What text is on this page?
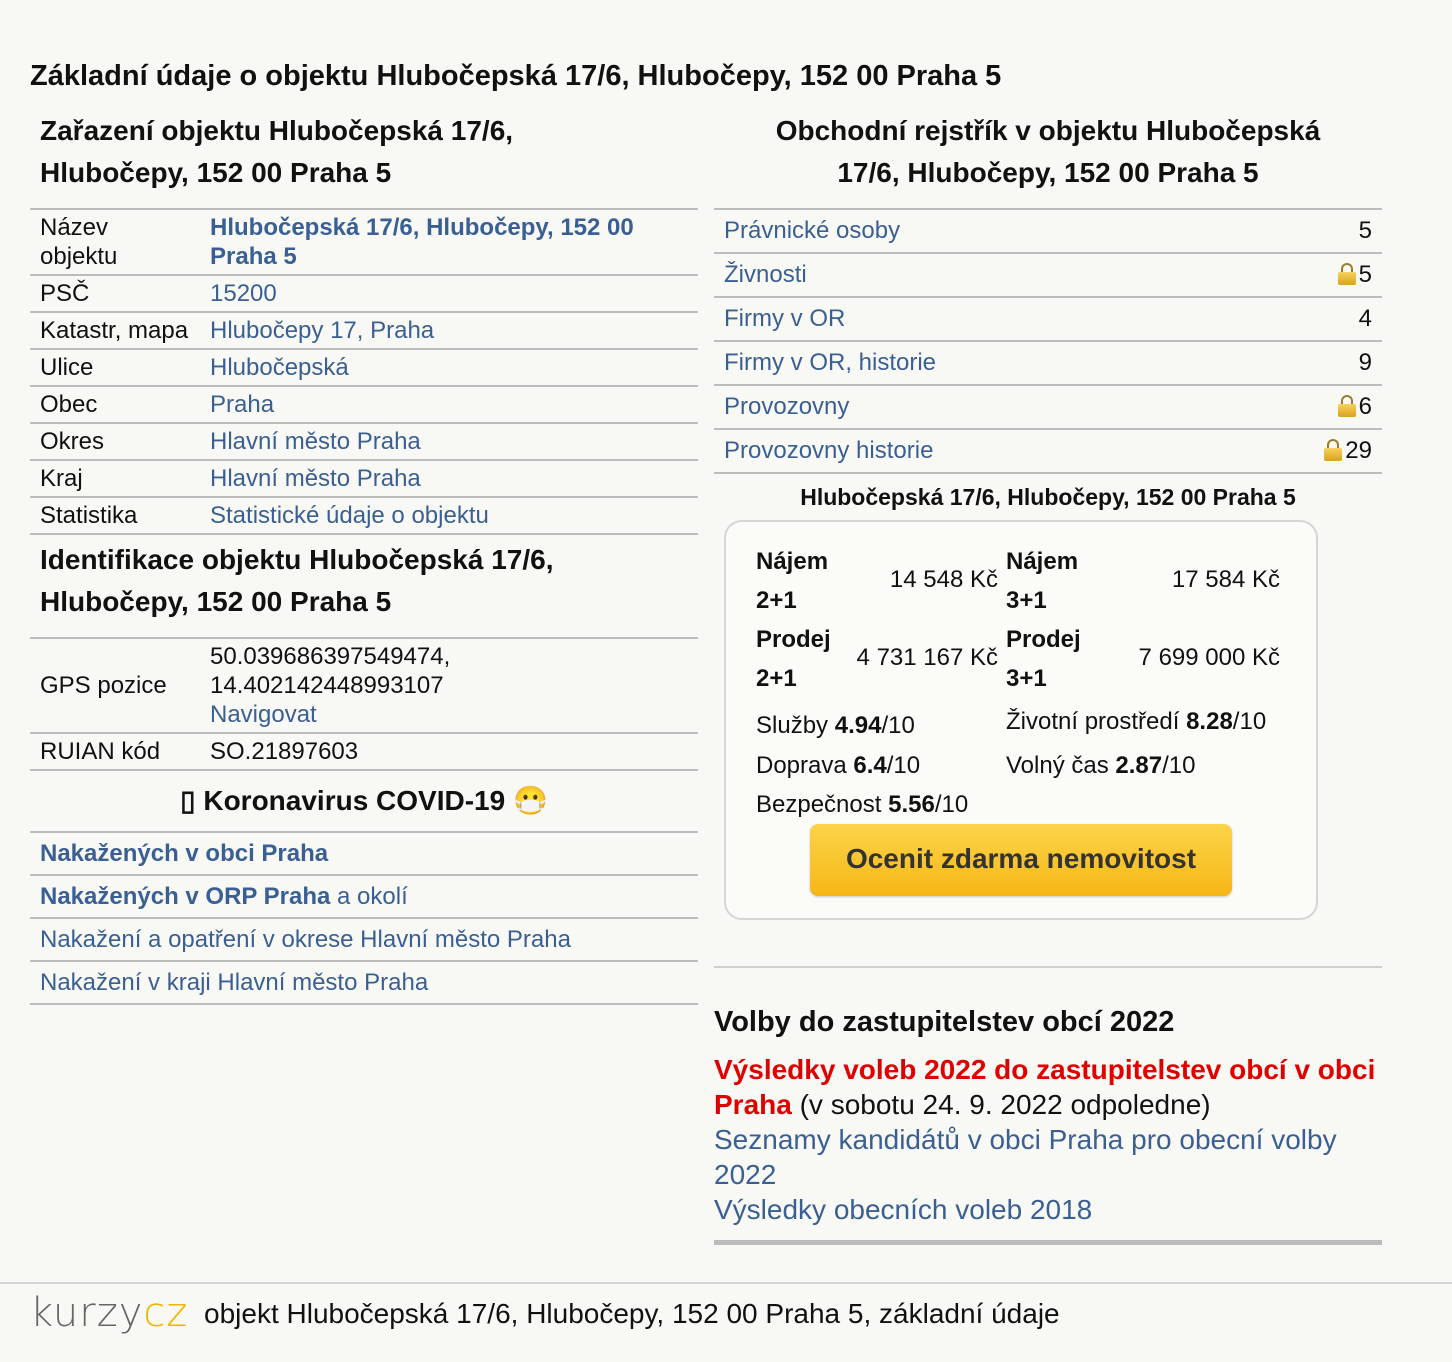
Základní údaje o objektu Hlubočepská 17/6, Hlubočepy, 152 00 Praha 5
Zařazení objektu Hlubočepská 17/6, Hlubočepy, 152 00 Praha 5
Název objektu	Hlubočepská 17/6, Hlubočepy, 152 00 Praha 5
PSČ	15200
Katastr, mapa	Hlubočepy 17, Praha
Ulice	Hlubočepská
Obec	Praha
Okres	Hlavní město Praha
Kraj	Hlavní město Praha
Statistika	Statistické údaje o objektu
Identifikace objektu Hlubočepská 17/6, Hlubočepy, 152 00 Praha 5
GPS pozice	50.039686397549474,
14.402142448993107
Navigovat
RUIAN kód	SO.21897603
▯ Koronavirus COVID-19 😷
Nakažených v obci Praha
Nakažených v ORP Praha a okolí
Nakažení a opatření v okrese Hlavní město Praha
Nakažení v kraji Hlavní město Praha
Obchodní rejstřík v objektu Hlubočepská 17/6, Hlubočepy, 152 00 Praha 5
Právnické osoby	5
Živnosti	5
Firmy v OR	4
Firmy v OR, historie	9
Provozovny	6
Provozovny historie	29
Hlubočepská 17/6, Hlubočepy, 152 00 Praha 5
Nájem 2+1
14 548 Kč
Nájem 3+1
17 584 Kč
Prodej 2+1
4 731 167 Kč
Prodej 3+1
7 699 000 Kč
Služby 4.94/10	Životní prostředí 8.28/10
Doprava 6.4/10	Volný čas 2.87/10
Bezpečnost 5.56/10
Ocenit zdarma nemovitost
Volby do zastupitelstev obcí 2022
Výsledky voleb 2022 do zastupitelstev obcí v obci Praha (v sobotu 24. 9. 2022 odpoledne)
Seznamy kandidátů v obci Praha pro obecní volby 2022
Výsledky obecních voleb 2018
kurzycz objekt Hlubočepská 17/6, Hlubočepy, 152 00 Praha 5, základní údaje
